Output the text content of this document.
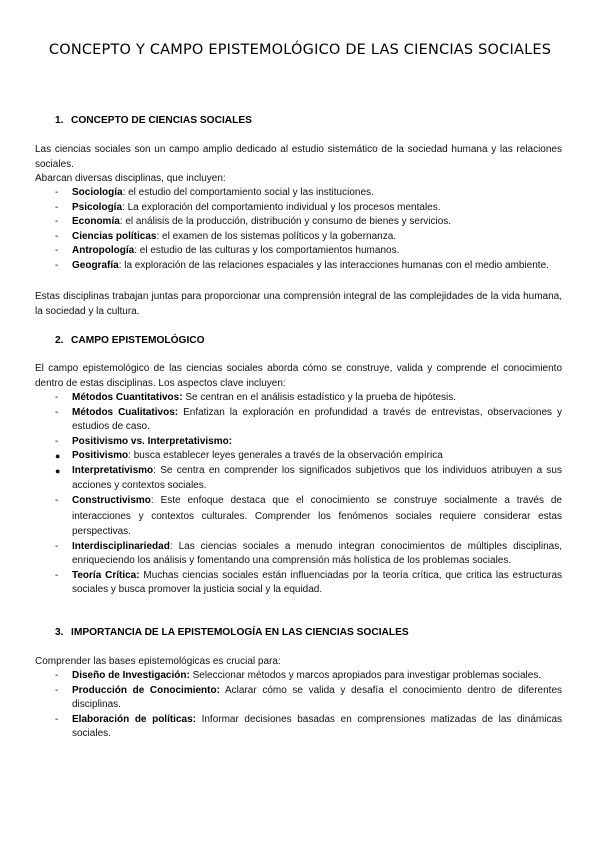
CONCEPTO Y CAMPO EPISTEMOLÓGICO DE LAS CIENCIAS SOCIALES
1. CONCEPTO DE CIENCIAS SOCIALES

Las ciencias sociales son un campo amplio dedicado al estudio sistemático de la sociedad humana y las relaciones sociales.

Abarcan diversas disciplinas, que incluyen:

-	Sociología: el estudio del comportamiento social y las instituciones.
-	Psicología: La exploración del comportamiento individual y los procesos mentales.
-	Economía: el análisis de la producción, distribución y consumo de bienes y servicios.
-	Ciencias políticas: el examen de los sistemas políticos y la gobernanza.
-	Antropología: el estudio de las culturas y los comportamientos humanos.
-	Geografía: la exploración de las relaciones espaciales y las interacciones humanas con el medio ambiente.

Estas disciplinas trabajan juntas para proporcionar una comprensión integral de las complejidades de la vida humana, la sociedad y la cultura.

2. CAMPO EPISTEMOLÓGICO

El campo epistemológico de las ciencias sociales aborda cómo se construye, valida y comprende el conocimiento dentro de estas disciplinas. Los aspectos clave incluyen:

-	Métodos Cuantitativos: Se centran en el análisis estadístico y la prueba de hipótesis.
-	Métodos Cualitativos: Enfatizan la exploración en profundidad a través de entrevistas, observaciones y estudios de caso.
-	Positivismo vs. Interpretativismo:
●	Positivismo: busca establecer leyes generales a través de la observación empírica
●	Interpretativismo: Se centra en comprender los significados subjetivos que los individuos atribuyen a sus acciones y contextos sociales.
-	Constructivismo: Este enfoque destaca que el conocimiento se construye socialmente a través de interacciones y contextos culturales. Comprender los fenómenos sociales requiere considerar estas perspectivas.
-	Interdisciplinariedad: Las ciencias sociales a menudo integran conocimientos de múltiples disciplinas, enriqueciendo los análisis y fomentando una comprensión más holística de los problemas sociales.
-	Teoría Crítica: Muchas ciencias sociales están influenciadas por la teoría crítica, que critica las estructuras sociales y busca promover la justicia social y la equidad.
3. IMPORTANCIA DE LA EPISTEMOLOGÍA EN LAS CIENCIAS SOCIALES

Comprender las bases epistemológicas es crucial para:

-	Diseño de Investigación: Seleccionar métodos y marcos apropiados para investigar problemas sociales.
-	Producción de Conocimiento: Aclarar cómo se valida y desafía el conocimiento dentro de diferentes disciplinas.
-	Elaboración de políticas: Informar decisiones basadas en comprensiones matizadas de las dinámicas sociales.
